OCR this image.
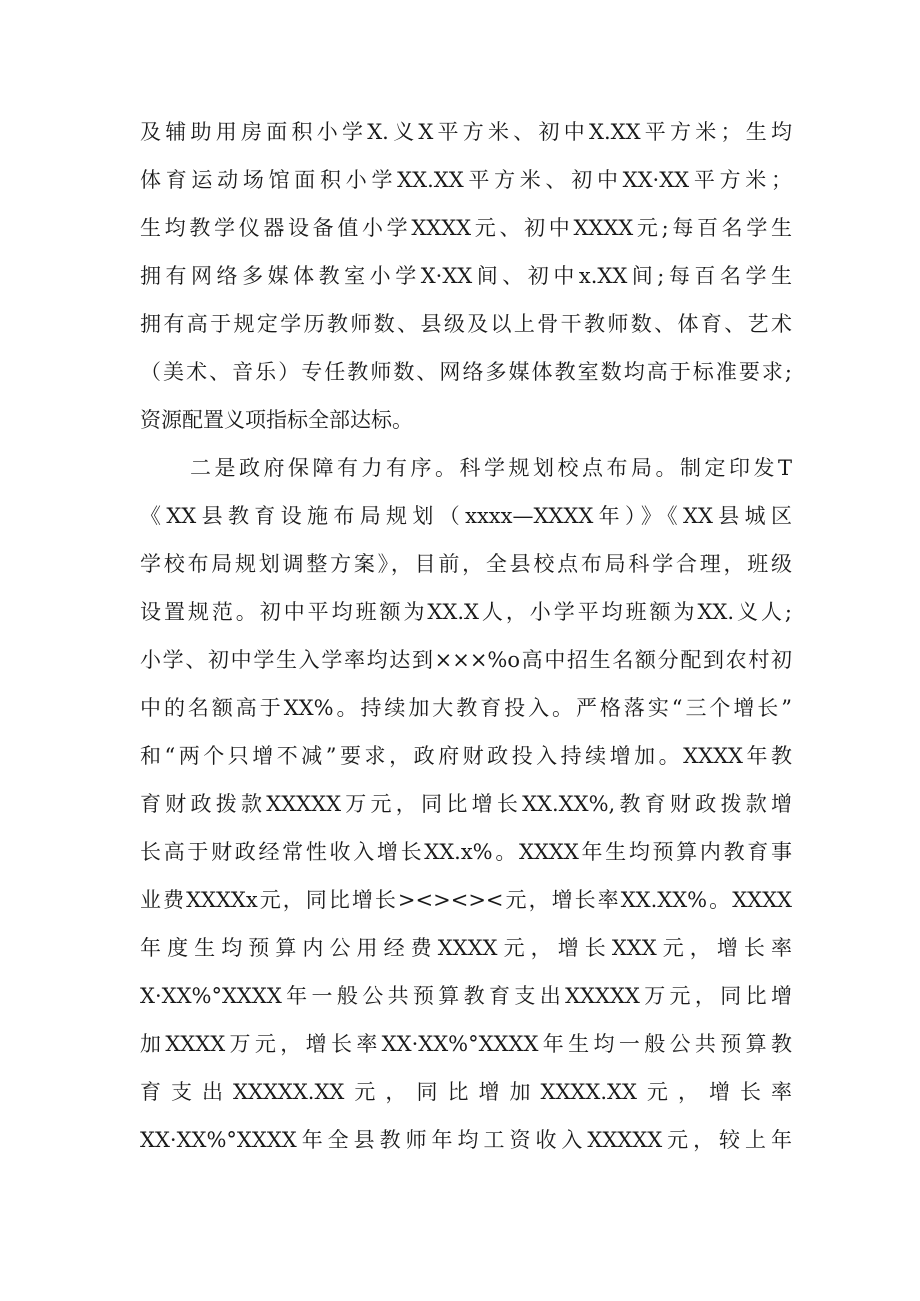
及辅助用房面积小学X.义X平方米、初中X.XX平方米；生均
体育运动场馆面积小学XX.XX平方米、初中XX·XX平方米；
生均教学仪器设备值小学XXXX元、初中XXXX元;每百名学生
拥有网络多媒体教室小学X·XX间、初中x.XX间;每百名学生
拥有高于规定学历教师数、县级及以上骨干教师数、体育、艺术
（美术、音乐）专任教师数、网络多媒体教室数均高于标准要求;
资源配置义项指标全部达标。
二是政府保障有力有序。科学规划校点布局。制定印发T
《XX县教育设施布局规划（xxxx—XXXX年）》《XX县城区
学校布局规划调整方案》，目前，全县校点布局科学合理，班级
设置规范。初中平均班额为XX.X人，小学平均班额为XX.义人;
小学、初中学生入学率均达到×××%o高中招生名额分配到农村初
中的名额高于XX%。持续加大教育投入。严格落实“三个增长”
和“两个只增不减”要求，政府财政投入持续增加。XXXX年教
育财政拨款XXXXX万元，同比增长XX.XX%,教育财政拨款增
长高于财政经常性收入增长XX.x%。XXXX年生均预算内教育事
业费XXXXx元，同比增长><><><元，增长率XX.XX%。XXXX
年度生均预算内公用经费XXXX元，增长XXX元，增长率
X·XX%°XXXX年一般公共预算教育支出XXXXX万元，同比增
加XXXX万元，增长率XX·XX%°XXXX年生均一般公共预算教
育支出XXXXX.XX元，同比增加XXXX.XX元，增长率
XX·XX%°XXXX年全县教师年均工资收入XXXXX元，较上年
